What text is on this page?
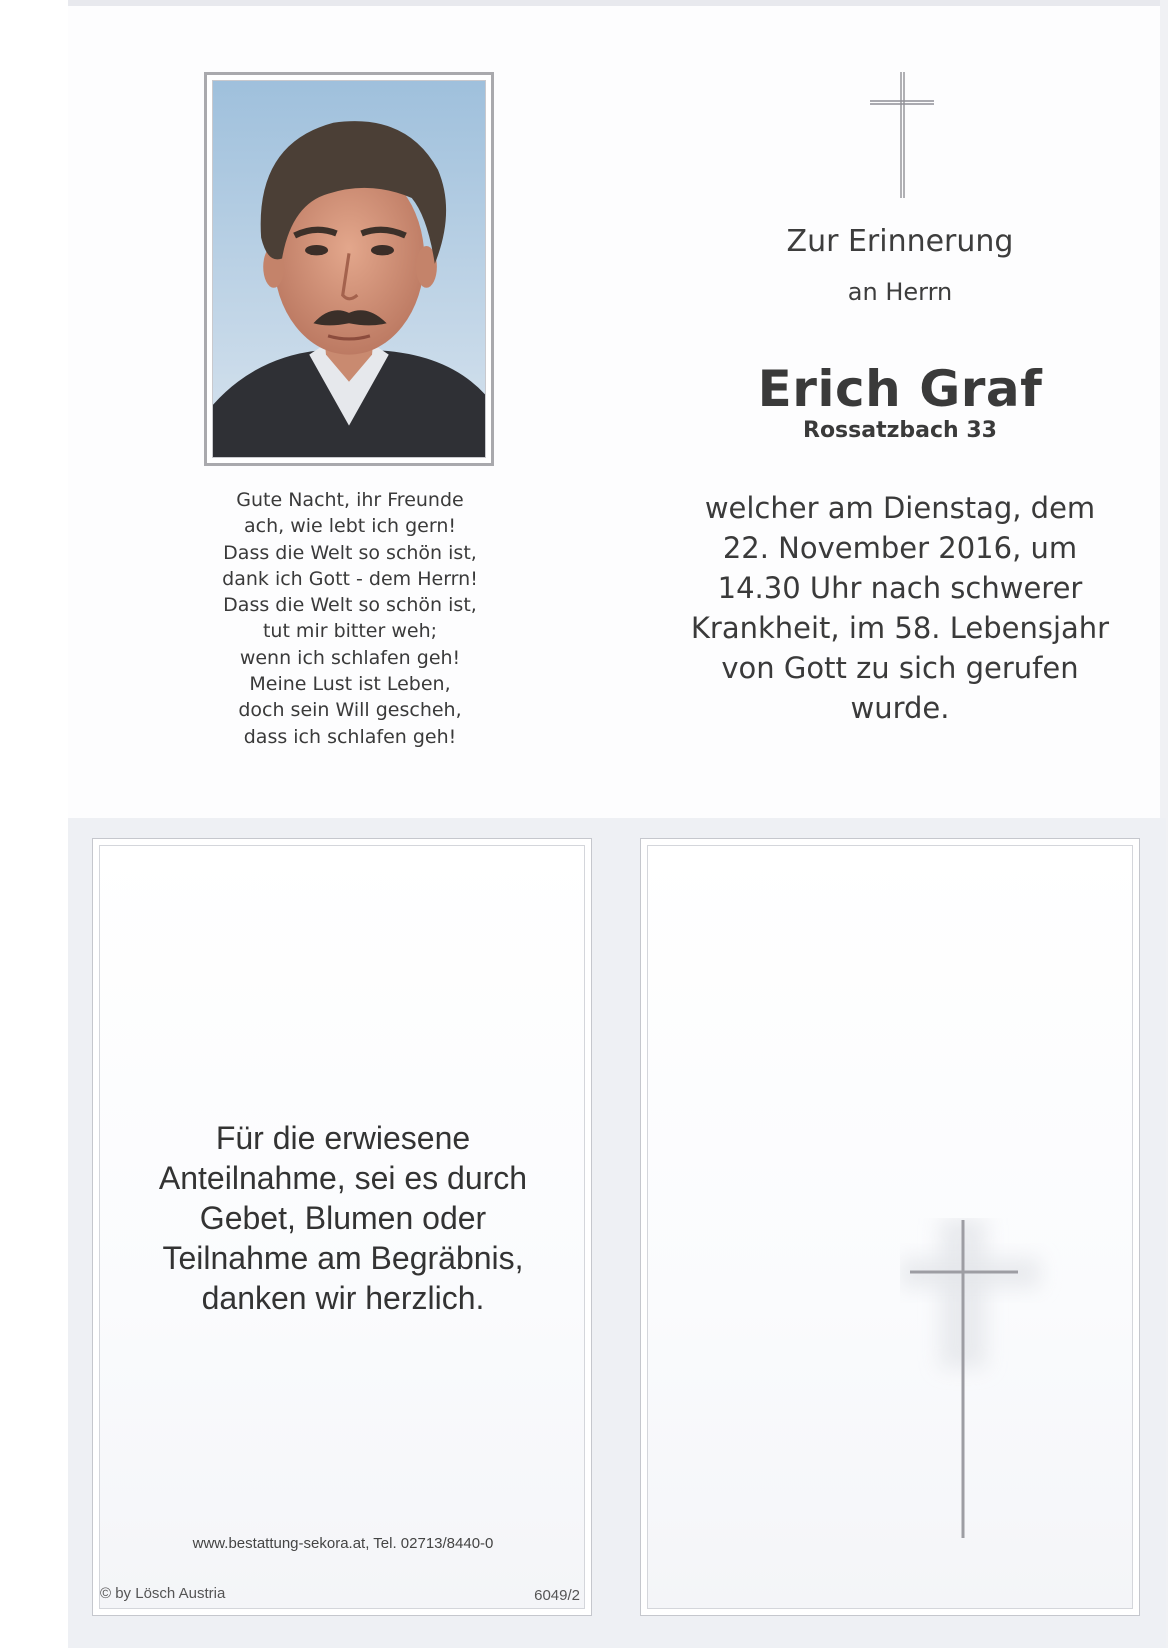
Gute Nacht, ihr Freunde
ach, wie lebt ich gern!
Dass die Welt so schön ist,
dank ich Gott - dem Herrn!
Dass die Welt so schön ist,
tut mir bitter weh;
wenn ich schlafen geh!
Meine Lust ist Leben,
doch sein Will gescheh,
dass ich schlafen geh!
Zur Erinnerung
an Herrn
Erich Graf
Rossatzbach 33
welcher am Dienstag, dem
22. November 2016, um
14.30 Uhr nach schwerer
Krankheit, im 58. Lebensjahr
von Gott zu sich gerufen
wurde.
Für die erwiesene
Anteilnahme, sei es durch
Gebet, Blumen oder
Teilnahme am Begräbnis,
danken wir herzlich.
www.bestattung-sekora.at, Tel. 02713/8440-0
© by Lösch Austria	6049/2
